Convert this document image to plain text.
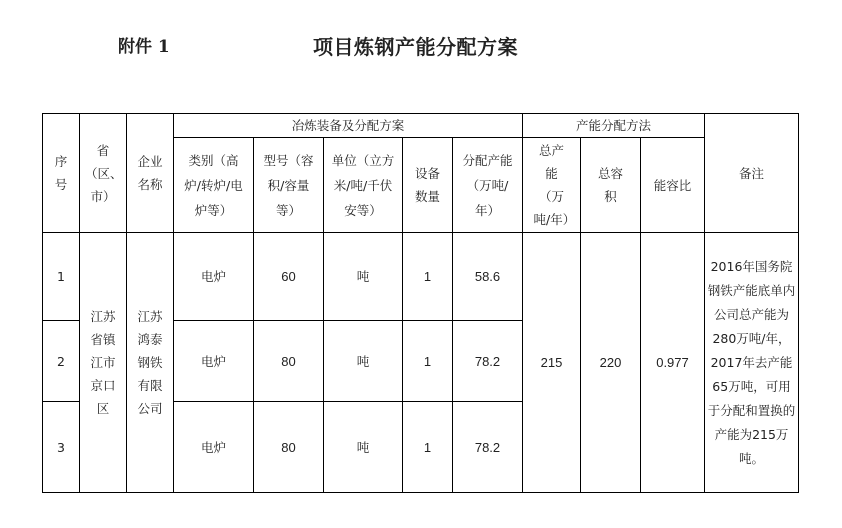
附件 1	项目炼钢产能分配方案
序号	省（区、市）	企业名称	冶炼装备及分配方案					产能分配方法			备注
			类别（高炉/转炉/电炉等）	型号（容积/容量等）	单位（立方米/吨/千伏安等）	设备数量	分配产能（万吨/年）	总产能（万吨/年）	总容积	能容比	
1	江苏省镇江市京口区	江苏鸿泰钢铁有限公司	电炉	60	吨	1	58.6	215	220	0.977	2016年国务院钢铁产能底单内公司总产能为280万吨/年，2017年去产能65万吨，可用于分配和置换的产能为215万吨。
2			电炉	80	吨	1	78.2				
3			电炉	80	吨	1	78.2				
